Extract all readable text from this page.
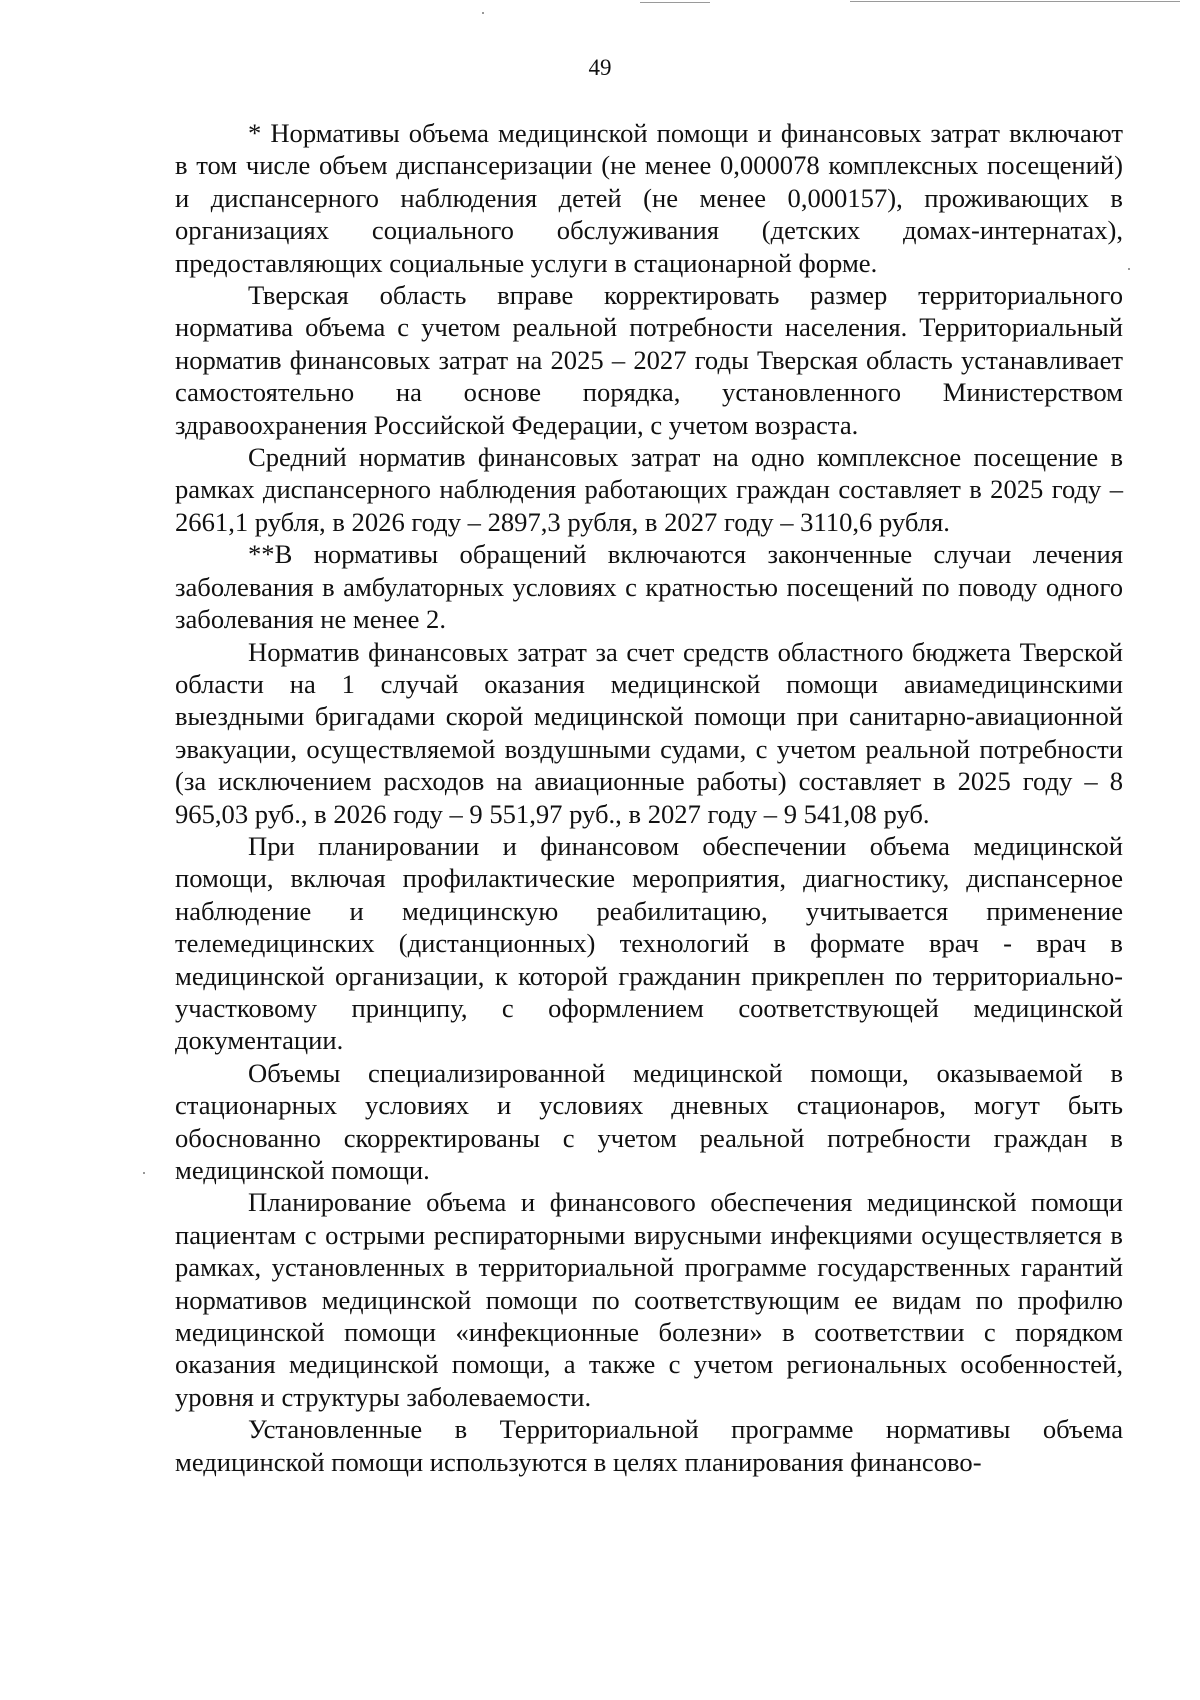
49

* Нормативы объема медицинской помощи и финансовых затрат включают в том числе объем диспансеризации (не менее 0,000078 комплексных посещений) и диспансерного наблюдения детей (не менее 0,000157), проживающих в организациях социального обслуживания (детских домах-интернатах), предоставляющих социальные услуги в стационарной форме.

Тверская область вправе корректировать размер территориального норматива объема с учетом реальной потребности населения. Территориальный норматив финансовых затрат на 2025 – 2027 годы Тверская область устанавливает самостоятельно на основе порядка, установленного Министерством здравоохранения Российской Федерации, с учетом возраста.

Средний норматив финансовых затрат на одно комплексное посещение в рамках диспансерного наблюдения работающих граждан составляет в 2025 году – 2661,1 рубля, в 2026 году – 2897,3 рубля, в 2027 году – 3110,6 рубля.

**В нормативы обращений включаются законченные случаи лечения заболевания в амбулаторных условиях с кратностью посещений по поводу одного заболевания не менее 2.

Норматив финансовых затрат за счет средств областного бюджета Тверской области на 1 случай оказания медицинской помощи авиамедицинскими выездными бригадами скорой медицинской помощи при санитарно-авиационной эвакуации, осуществляемой воздушными судами, с учетом реальной потребности (за исключением расходов на авиационные работы) составляет в 2025 году – 8 965,03 руб., в 2026 году – 9 551,97 руб., в 2027 году – 9 541,08 руб.

При планировании и финансовом обеспечении объема медицинской помощи, включая профилактические мероприятия, диагностику, диспансерное наблюдение и медицинскую реабилитацию, учитывается применение телемедицинских (дистанционных) технологий в формате врач - врач в медицинской организации, к которой гражданин прикреплен по территориально-участковому принципу, с оформлением соответствующей медицинской документации.

Объемы специализированной медицинской помощи, оказываемой в стационарных условиях и условиях дневных стационаров, могут быть обоснованно скорректированы с учетом реальной потребности граждан в медицинской помощи.

Планирование объема и финансового обеспечения медицинской помощи пациентам с острыми респираторными вирусными инфекциями осуществляется в рамках, установленных в территориальной программе государственных гарантий нормативов медицинской помощи по соответствующим ее видам по профилю медицинской помощи «инфекционные болезни» в соответствии с порядком оказания медицинской помощи, а также с учетом региональных особенностей, уровня и структуры заболеваемости.

Установленные в Территориальной программе нормативы объема медицинской помощи используются в целях планирования финансово-
